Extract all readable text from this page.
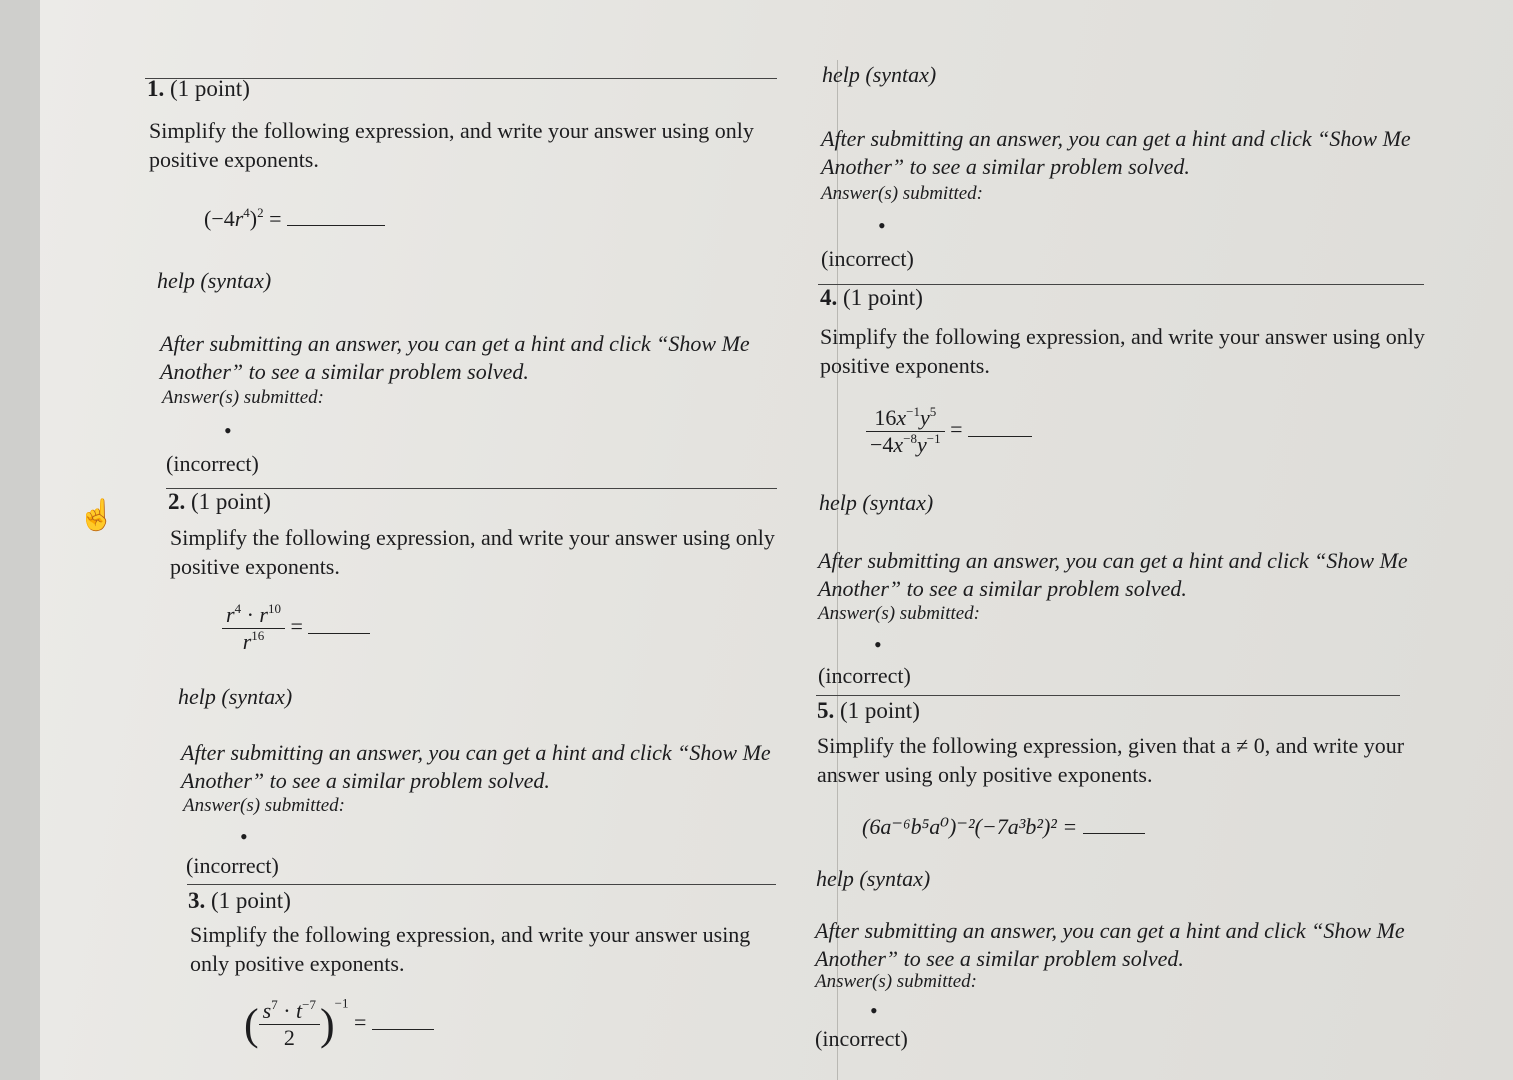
1. (1 point)
Simplify the following expression, and write your answer using only positive exponents.
$(-4r^4)^2$ =
help (syntax)
After submitting an answer, you can get a hint and click “Show Me Another” to see a similar problem solved.
Answer(s) submitted:
•
(incorrect)
2. (1 point)
Simplify the following expression, and write your answer using only positive exponents.
$\frac{r^4 \cdot r^{10}}{r^{16}}$ =
help (syntax)
After submitting an answer, you can get a hint and click “Show Me Another” to see a similar problem solved.
Answer(s) submitted:
•
(incorrect)
3. (1 point)
Simplify the following expression, and write your answer using only positive exponents.
( $\frac{s^7 \cdot t^{-7}}{2} )^{-1}$ =
help (syntax)
After submitting an answer, you can get a hint and click “Show Me Another” to see a similar problem solved.
Answer(s) submitted:
•
(incorrect)
4. (1 point)
Simplify the following expression, and write your answer using only positive exponents.
$\frac{16x^{-1}y^5}{-4x^{-8}y^{-1}}$ =
help (syntax)
After submitting an answer, you can get a hint and click “Show Me Another” to see a similar problem solved.
Answer(s) submitted:
•
(incorrect)
5. (1 point)
Simplify the following expression, given that a ≠ 0, and write your answer using only positive exponents.
(6a⁻⁶b⁵a⁰)⁻²(−7a³b²)² =
help (syntax)
After submitting an answer, you can get a hint and click “Show Me Another” to see a similar problem solved.
Answer(s) submitted:
•
(incorrect)
☝
